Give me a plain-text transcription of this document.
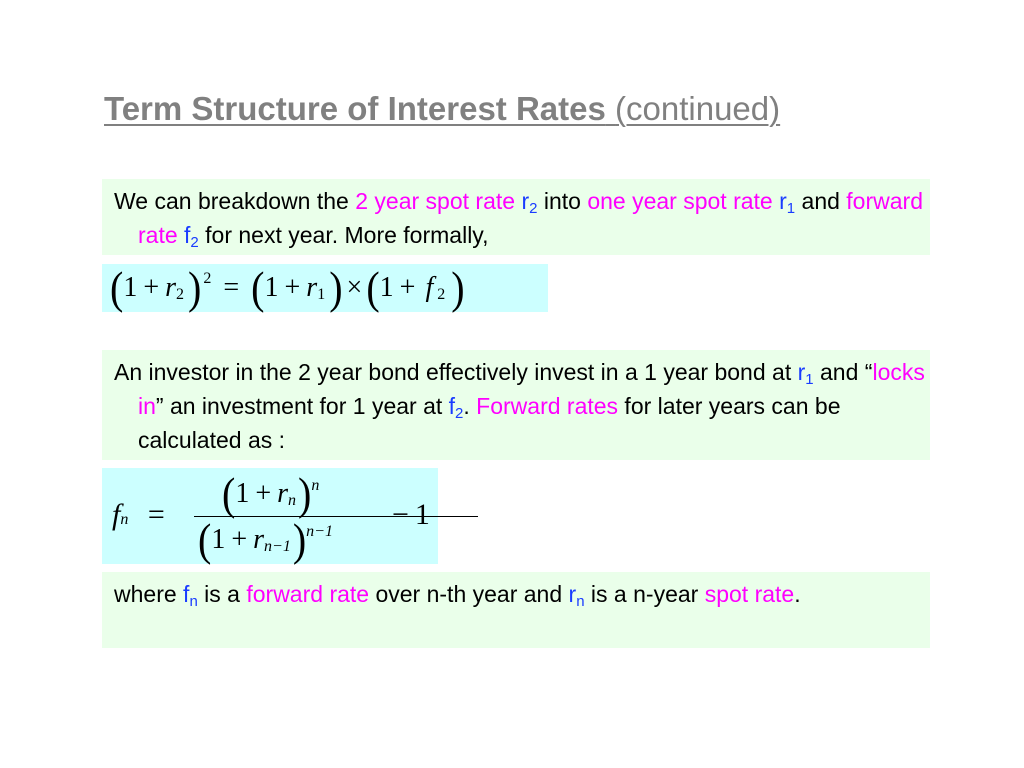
Term Structure of Interest Rates (continued)

We can breakdown the 2 year spot rate $r_2$ into one year spot rate $r_1$ and forward rate $f_2$ for next year. More formally,

( 1 + r 2 ) 2 = ( 1 + r 1 ) × ( 1 + f 2 )

An investor in the 2 year bond effectively invest in a 1 year bond at $r_1$ and “locks in” an investment for 1 year at $f_2$. Forward rates for later years can be calculated as :

fn = ( 1 + r n ) n
( 1 + r n−1 ) n−1
− 1

where $f_n$ is a forward rate over n-th year and $r_n$ is a n-year spot rate.
